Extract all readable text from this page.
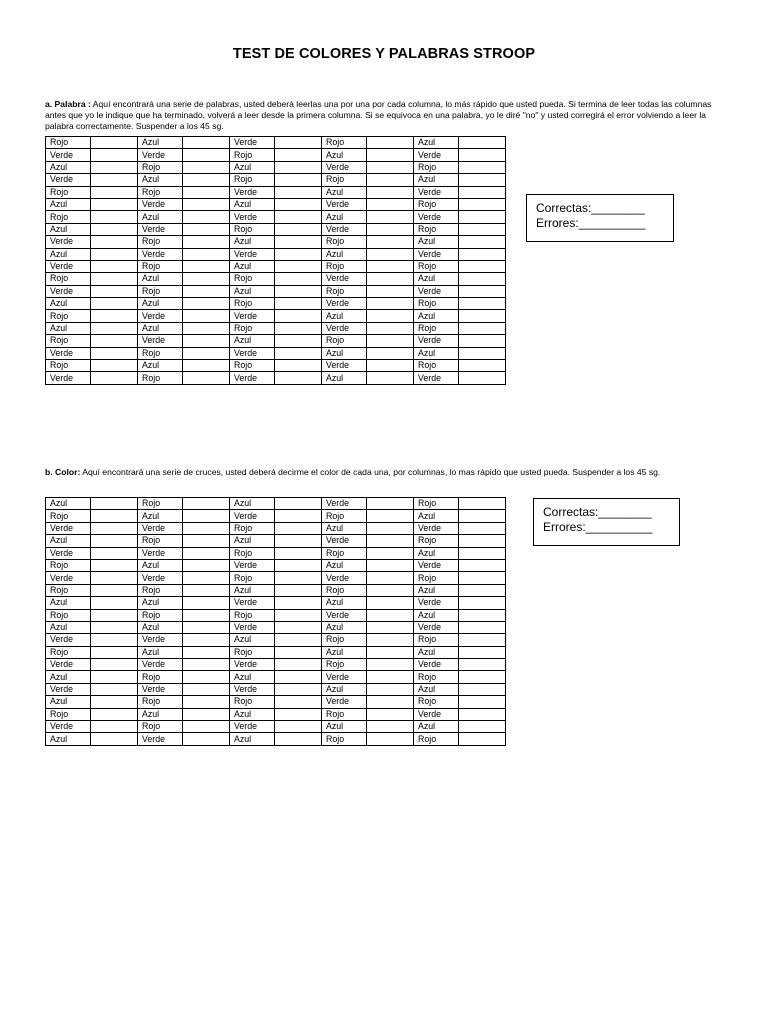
TEST DE COLORES Y PALABRAS STROOP
a. Palabra : Aquí encontrará una serie de palabras, usted deberá leerlas una por una por cada columna, lo más rápido que usted pueda. Si termina de leer todas las columnas antes que yo le indique que ha terminado, volverá a leer desde la primera columna. Si se equivoca en una palabra, yo le diré "no" y usted corregirá el error volviendo a leer la palabra correctamente. Suspender a los 45 sg.
Rojo		Azul		Verde		Rojo		Azul	
Verde		Verde		Rojo		Azul		Verde	
Azul		Rojo		Azul		Verde		Rojo	
Verde		Azul		Rojo		Rojo		Azul	
Rojo		Rojo		Verde		Azul		Verde	
Azul		Verde		Azul		Verde		Rojo	
Rojo		Azul		Verde		Azul		Verde	
Azul		Verde		Rojo		Verde		Rojo	
Verde		Rojo		Azul		Rojo		Azul	
Azul		Verde		Verde		Azul		Verde	
Verde		Rojo		Azul		Rojo		Rojo	
Rojo		Azul		Rojo		Verde		Azul	
Verde		Rojo		Azul		Rojo		Verde	
Azul		Azul		Rojo		Verde		Rojo	
Rojo		Verde		Verde		Azul		Azul	
Azul		Azul		Rojo		Verde		Rojo	
Rojo		Verde		Azul		Rojo		Verde	
Verde		Rojo		Verde		Azul		Azul	
Rojo		Azul		Rojo		Verde		Rojo	
Verde		Rojo		Verde		Azul		Verde	
Correctas:________
Errores:__________
b. Color: Aquí encontrará una serie de cruces, usted deberá decirme el color de cada una, por columnas, lo mas rápido que usted pueda. Suspender a los 45 sg.
Azul		Rojo		Azul		Verde		Rojo	
Rojo		Azul		Verde		Rojo		Azul	
Verde		Verde		Rojo		Azul		Verde	
Azul		Rojo		Azul		Verde		Rojo	
Verde		Verde		Rojo		Rojo		Azul	
Rojo		Azul		Verde		Azul		Verde	
Verde		Verde		Rojo		Verde		Rojo	
Rojo		Rojo		Azul		Rojo		Azul	
Azul		Azul		Verde		Azul		Verde	
Rojo		Rojo		Rojo		Verde		Azul	
Azul		Azul		Verde		Azul		Verde	
Verde		Verde		Azul		Rojo		Rojo	
Rojo		Azul		Rojo		Azul		Azul	
Verde		Verde		Verde		Rojo		Verde	
Azul		Rojo		Azul		Verde		Rojo	
Verde		Verde		Verde		Azul		Azul	
Azul		Rojo		Rojo		Verde		Rojo	
Rojo		Azul		Azul		Rojo		Verde	
Verde		Rojo		Verde		Azul		Azul	
Azul		Verde		Azul		Rojo		Rojo	
Correctas:________
Errores:__________
